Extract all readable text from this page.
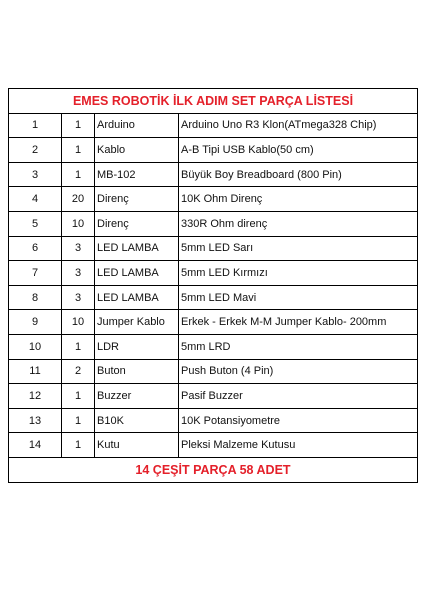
EMES ROBOTİK İLK ADIM SET PARÇA LİSTESİ			
1	1	Arduino	Arduino Uno R3 Klon(ATmega328 Chip)
2	1	Kablo	A-B Tipi USB Kablo(50 cm)
3	1	MB-102	Büyük Boy Breadboard (800 Pin)
4	20	Direnç	10K Ohm Direnç
5	10	Direnç	330R Ohm direnç
6	3	LED LAMBA	5mm LED Sarı
7	3	LED LAMBA	5mm LED Kırmızı
8	3	LED LAMBA	5mm LED Mavi
9	10	Jumper Kablo	Erkek - Erkek M-M Jumper Kablo- 200mm
10	1	LDR	5mm LRD
11	2	Buton	Push Buton (4 Pin)
12	1	Buzzer	Pasif Buzzer
13	1	B10K	10K Potansiyometre
14	1	Kutu	Pleksi Malzeme Kutusu
14 ÇEŞİT PARÇA 58 ADET			
